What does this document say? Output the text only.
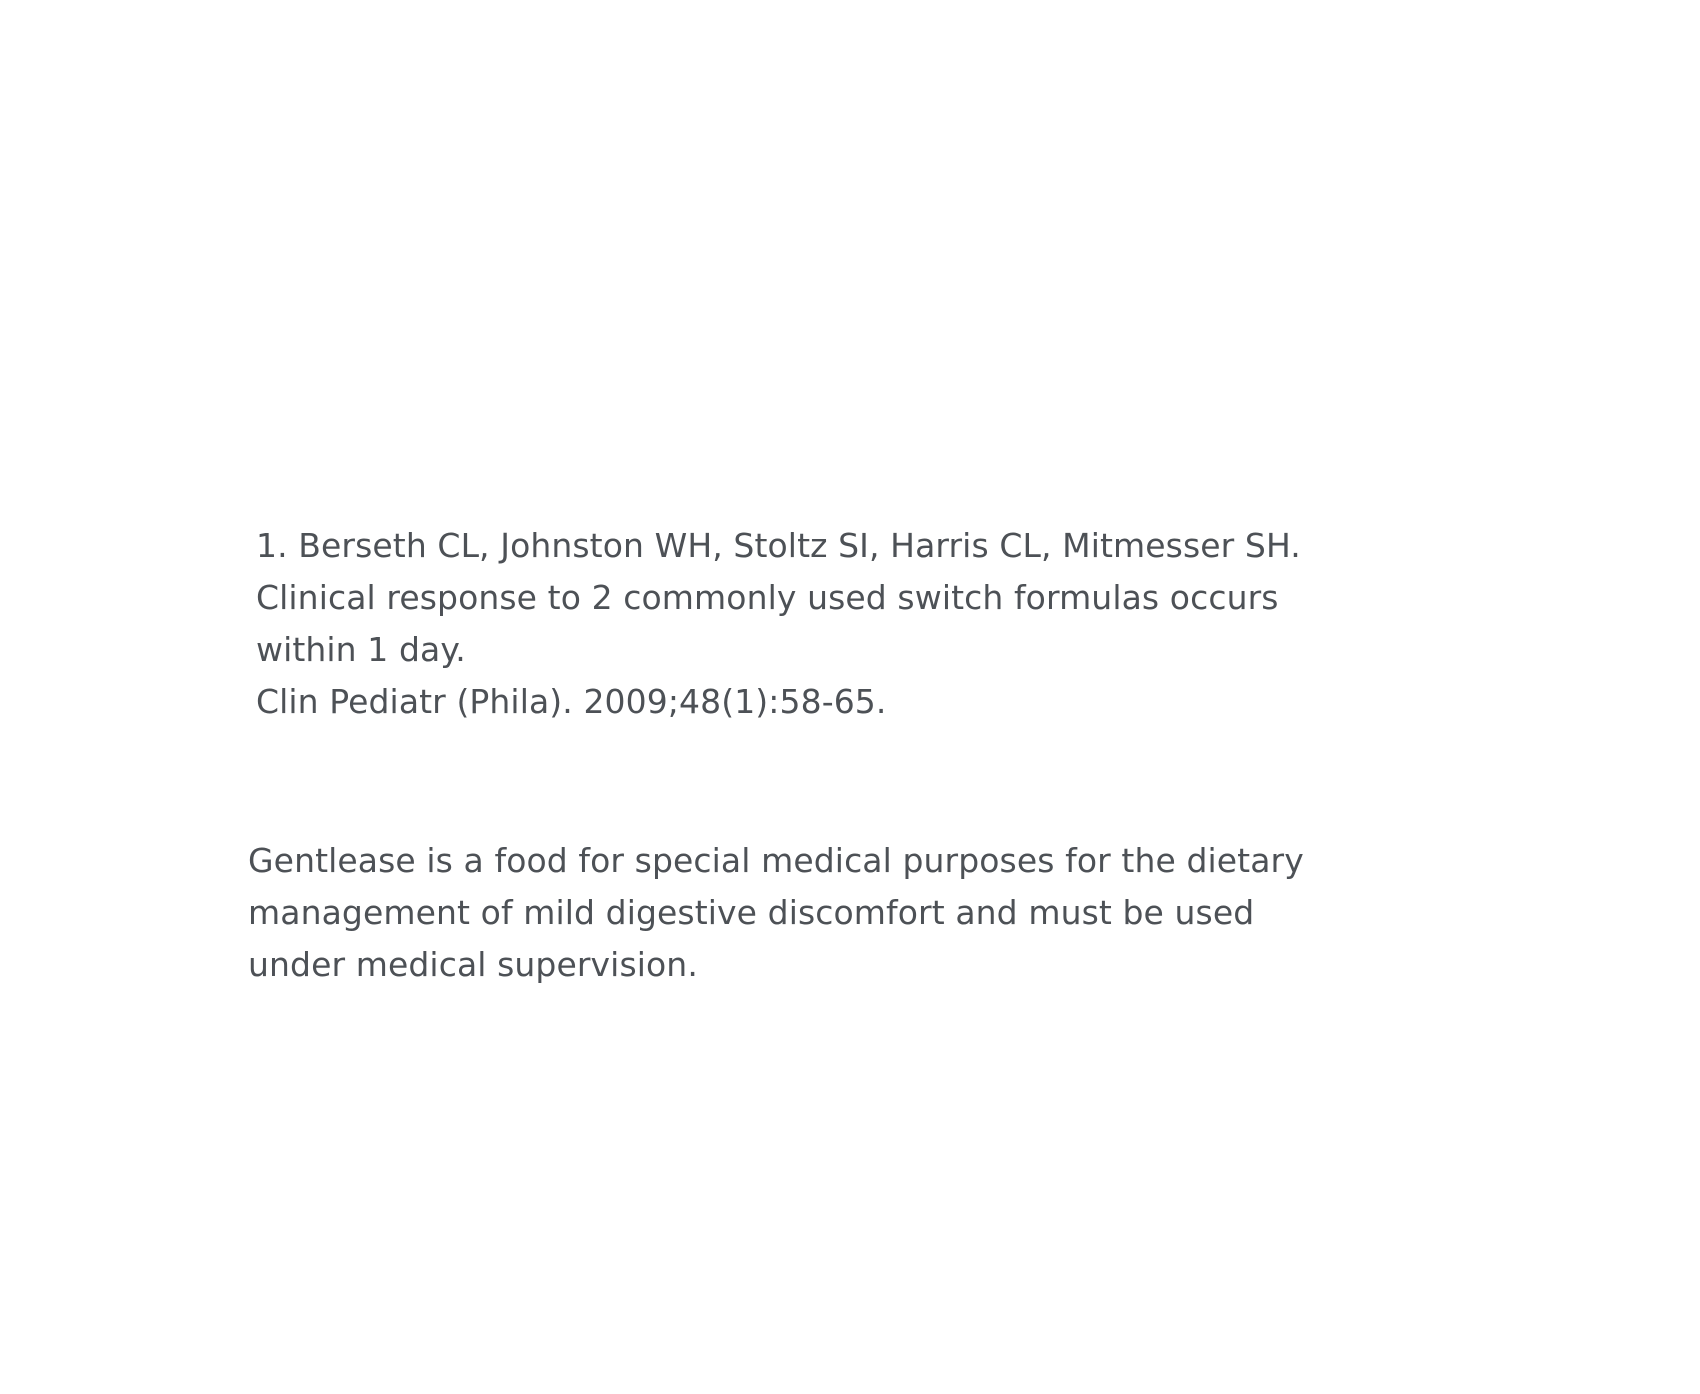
1. Berseth CL, Johnston WH, Stoltz SI, Harris CL, Mitmesser SH.
Clinical response to 2 commonly used switch formulas occurs
within 1 day.
Clin Pediatr (Phila). 2009;48(1):58-65.
Gentlease is a food for special medical purposes for the dietary
management of mild digestive discomfort and must be used
under medical supervision.
